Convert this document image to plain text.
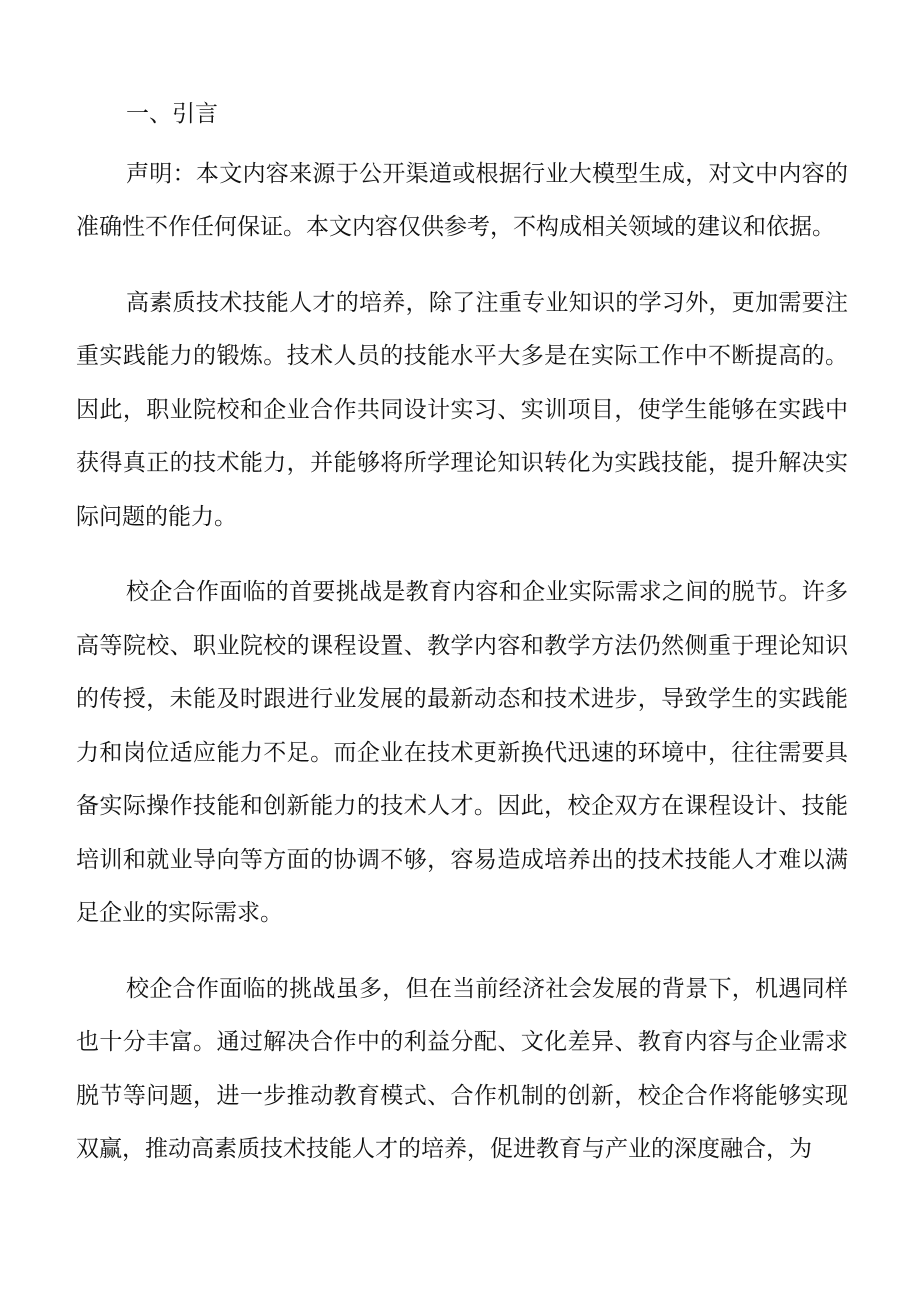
一、引言

声明：本文内容来源于公开渠道或根据行业大模型生成，对文中内容的准确性不作任何保证。本文内容仅供参考，不构成相关领域的建议和依据。

高素质技术技能人才的培养，除了注重专业知识的学习外，更加需要注重实践能力的锻炼。技术人员的技能水平大多是在实际工作中不断提高的。因此，职业院校和企业合作共同设计实习、实训项目，使学生能够在实践中获得真正的技术能力，并能够将所学理论知识转化为实践技能，提升解决实际问题的能力。

校企合作面临的首要挑战是教育内容和企业实际需求之间的脱节。许多高等院校、职业院校的课程设置、教学内容和教学方法仍然侧重于理论知识的传授，未能及时跟进行业发展的最新动态和技术进步，导致学生的实践能力和岗位适应能力不足。而企业在技术更新换代迅速的环境中，往往需要具备实际操作技能和创新能力的技术人才。因此，校企双方在课程设计、技能培训和就业导向等方面的协调不够，容易造成培养出的技术技能人才难以满足企业的实际需求。

校企合作面临的挑战虽多，但在当前经济社会发展的背景下，机遇同样也十分丰富。通过解决合作中的利益分配、文化差异、教育内容与企业需求脱节等问题，进一步推动教育模式、合作机制的创新，校企合作将能够实现双赢，推动高素质技术技能人才的培养，促进教育与产业的深度融合，为
